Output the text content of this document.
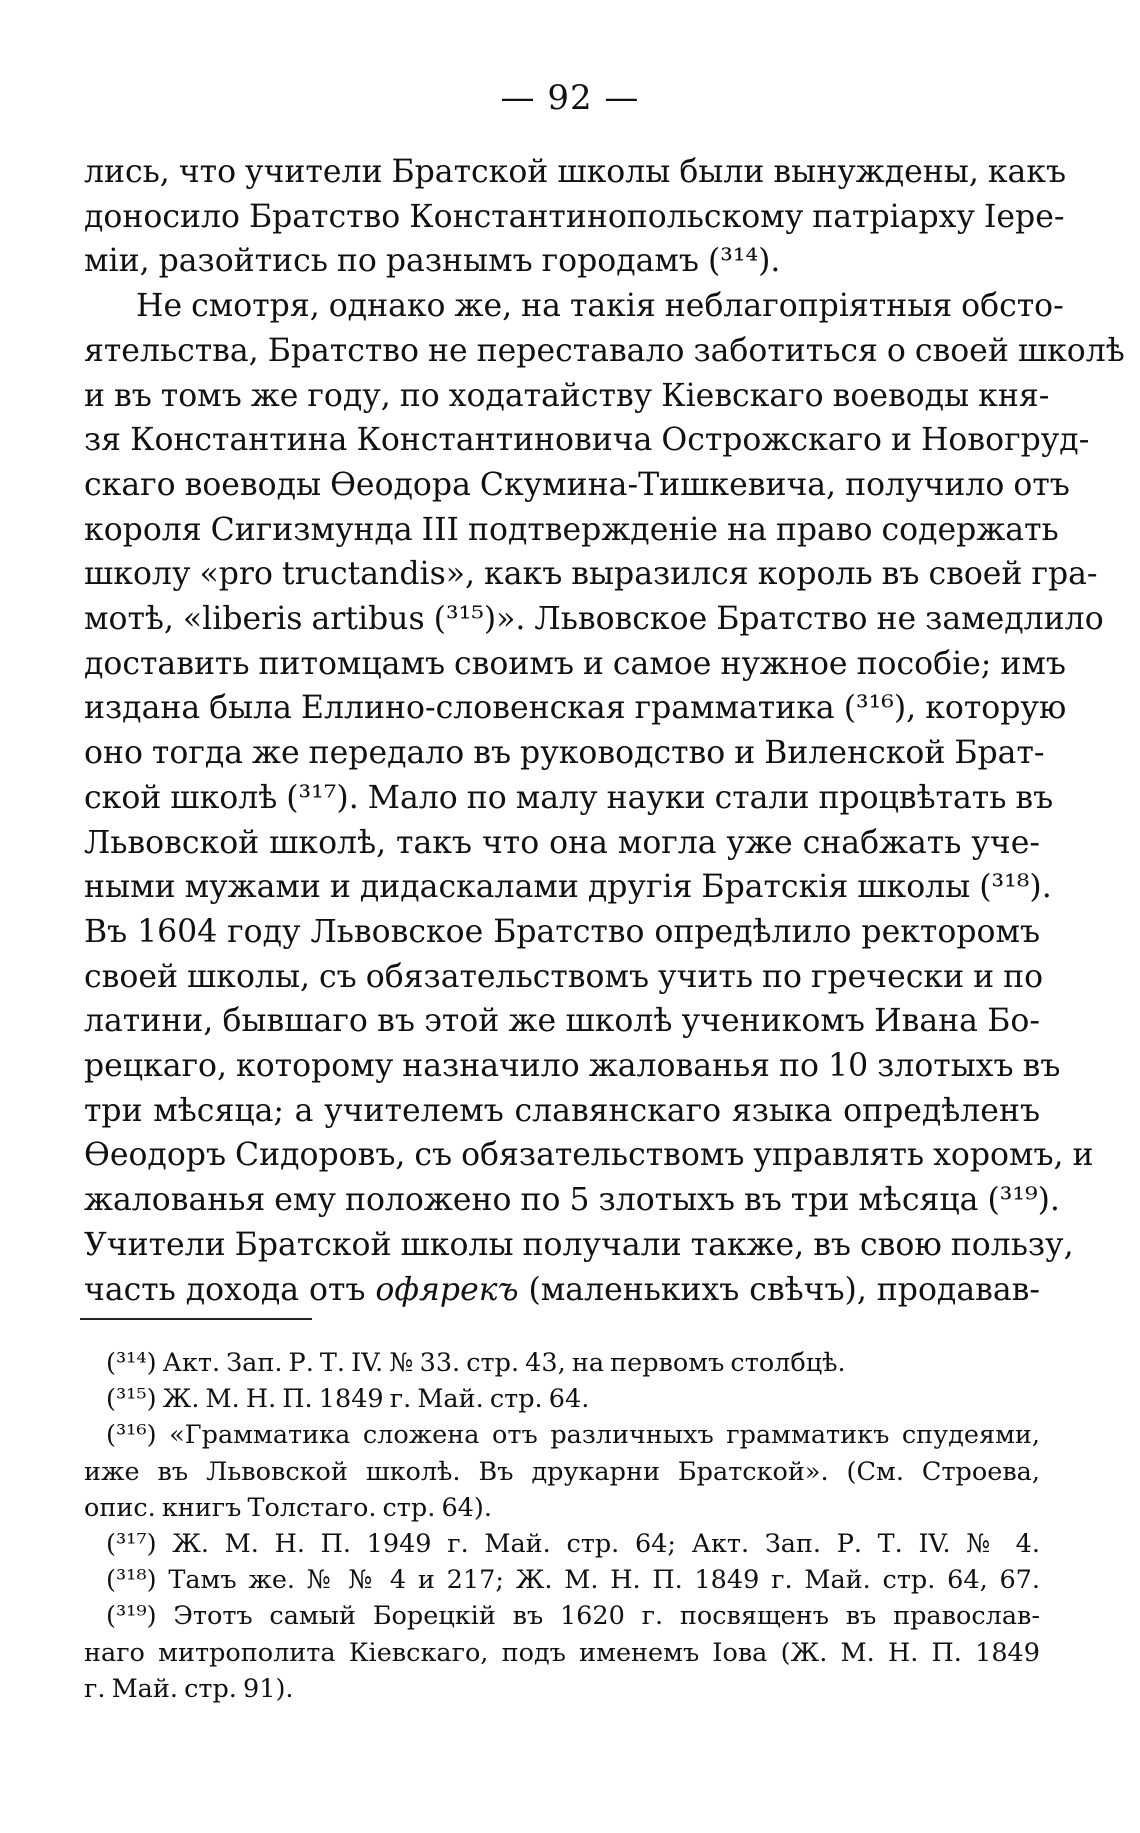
— 92 —

лись, что учители Братской школы были вынуждены, какъ
доносило Братство Константинопольскому патріарху Iере-
міи, разойтись по разнымъ городамъ (³¹⁴).

Не смотря, однако же, на такія неблагопріятныя обсто-
ятельства, Братство не переставало заботиться о своей школѣ
и въ томъ же году, по ходатайству Кіевскаго воеводы кня-
зя Константина Константиновича Острожскаго и Новогруд-
скаго воеводы Ѳеодора Скумина-Тишкевича, получило отъ
короля Сигизмунда III подтвержденіе на право содержать
школу «pro tructandis», какъ выразился король въ своей гра-
мотѣ, «liberis artibus (³¹⁵)». Львовское Братство не замедлило
доставить питомцамъ своимъ и самое нужное пособіе; имъ
издана была Еллино-словенская грамматика (³¹⁶), которую
оно тогда же передало въ руководство и Виленской Брат-
ской школѣ (³¹⁷). Мало по малу науки стали процвѣтать въ
Львовской школѣ, такъ что она могла уже снабжать уче-
ными мужами и дидаскалами другія Братскія школы (³¹⁸).
Въ 1604 году Львовское Братство опредѣлило ректоромъ
своей школы, съ обязательствомъ учить по гречески и по
латини, бывшаго въ этой же школѣ ученикомъ Ивана Бо-
рецкаго, которому назначило жалованья по 10 злотыхъ въ
три мѣсяца; а учителемъ славянскаго языка опредѣленъ
Ѳеодоръ Сидоровъ, съ обязательствомъ управлять хоромъ, и
жалованья ему положено по 5 злотыхъ въ три мѣсяца (³¹⁹).
Учители Братской школы получали также, въ свою пользу,
часть дохода отъ офярекъ (маленькихъ свѣчъ), продавав-

(³¹⁴) Акт. Зап. Р. Т. IV. № 33. стр. 43, на первомъ столбцѣ.
(³¹⁵) Ж. М. Н. П. 1849 г. Май. стр. 64.
(³¹⁶) «Грамматика сложена отъ различныхъ грамматикъ спудеями,
иже въ Львовской школѣ. Въ друкарни Братской». (См. Строева,
опис. книгъ Толстаго. стр. 64).
(³¹⁷) Ж. М. Н. П. 1949 г. Май. стр. 64; Акт. Зап. Р. Т. IV. № 4.
(³¹⁸) Тамъ же. № № 4 и 217; Ж. М. Н. П. 1849 г. Май. стр. 64, 67.
(³¹⁹) Этотъ самый Борецкій въ 1620 г. посвященъ въ православ-
наго митрополита Кіевскаго, подъ именемъ Iова (Ж. М. Н. П. 1849
г. Май. стр. 91).
